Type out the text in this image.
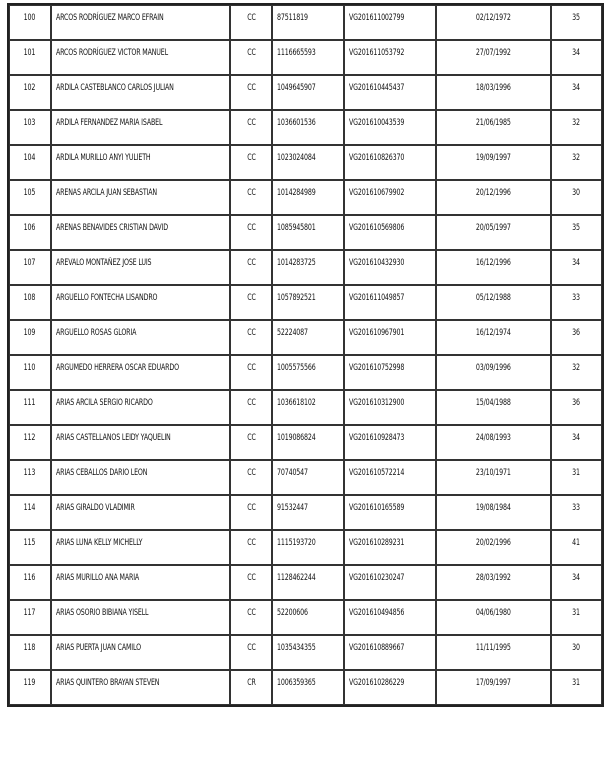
100	ARCOS RODRÍGUEZ MARCO EFRAIN	CC	87511819	VG201611002799	02/12/1972	35
101	ARCOS RODRÍGUEZ VICTOR MANUEL	CC	1116665593	VG201611053792	27/07/1992	34
102	ARDILA CASTEBLANCO CARLOS JULIAN	CC	1049645907	VG201610445437	18/03/1996	34
103	ARDILA FERNANDEZ MARIA ISABEL	CC	1036601536	VG201610043539	21/06/1985	32
104	ARDILA MURILLO ANYI YULIETH	CC	1023024084	VG201610826370	19/09/1997	32
105	ARENAS ARCILA JUAN SEBASTIAN	CC	1014284989	VG201610679902	20/12/1996	30
106	ARENAS BENAVIDES CRISTIAN DAVID	CC	1085945801	VG201610569806	20/05/1997	35
107	AREVALO MONTAÑEZ JOSE LUIS	CC	1014283725	VG201610432930	16/12/1996	34
108	ARGUELLO FONTECHA LISANDRO	CC	1057892521	VG201611049857	05/12/1988	33
109	ARGUELLO ROSAS GLORIA	CC	52224087	VG201610967901	16/12/1974	36
110	ARGUMEDO HERRERA OSCAR EDUARDO	CC	1005575566	VG201610752998	03/09/1996	32
111	ARIAS ARCILA SERGIO RICARDO	CC	1036618102	VG201610312900	15/04/1988	36
112	ARIAS CASTELLANOS LEIDY YAQUELIN	CC	1019086824	VG201610928473	24/08/1993	34
113	ARIAS CEBALLOS DARIO LEON	CC	70740547	VG201610572214	23/10/1971	31
114	ARIAS GIRALDO VLADIMIR	CC	91532447	VG201610165589	19/08/1984	33
115	ARIAS LUNA KELLY MICHELLY	CC	1115193720	VG201610289231	20/02/1996	41
116	ARIAS MURILLO ANA MARIA	CC	1128462244	VG201610230247	28/03/1992	34
117	ARIAS OSORIO BIBIANA YISELL	CC	52200606	VG201610494856	04/06/1980	31
118	ARIAS PUERTA JUAN CAMILO	CC	1035434355	VG201610889667	11/11/1995	30
119	ARIAS QUINTERO BRAYAN STEVEN	CR	1006359365	VG201610286229	17/09/1997	31
